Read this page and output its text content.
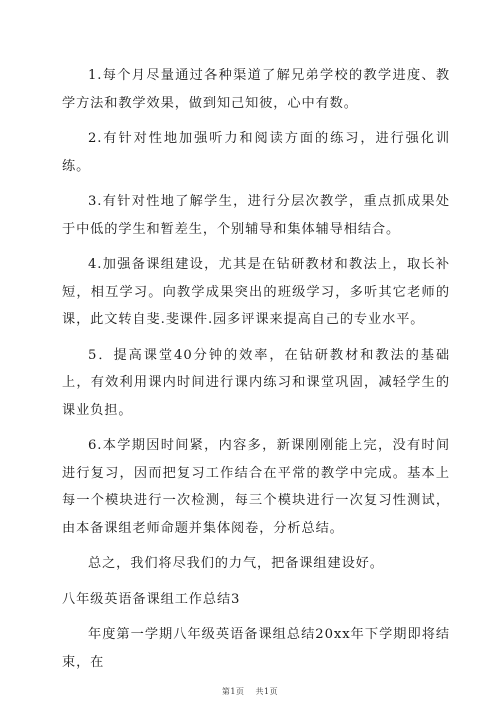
1.每个月尽量通过各种渠道了解兄弟学校的教学进度、教学方法和教学效果，做到知己知彼，心中有数。

2.有针对性地加强听力和阅读方面的练习，进行强化训练。

3.有针对性地了解学生，进行分层次教学，重点抓成果处于中低的学生和暂差生，个别辅导和集体辅导相结合。

4.加强备课组建设，尤其是在钻研教材和教法上，取长补短，相互学习。向教学成果突出的班级学习，多听其它老师的课，此文转自斐.斐课件.园多评课来提高自己的专业水平。

5．提高课堂40分钟的效率，在钻研教材和教法的基础上，有效利用课内时间进行课内练习和课堂巩固，减轻学生的课业负担。

6.本学期因时间紧，内容多，新课刚刚能上完，没有时间进行复习，因而把复习工作结合在平常的教学中完成。基本上每一个模块进行一次检测，每三个模块进行一次复习性测试，由本备课组老师命题并集体阅卷，分析总结。

总之，我们将尽我们的力气，把备课组建设好。

八年级英语备课组工作总结3

年度第一学期八年级英语备课组总结20xx年下学期即将结束，在

第1页 共1页
